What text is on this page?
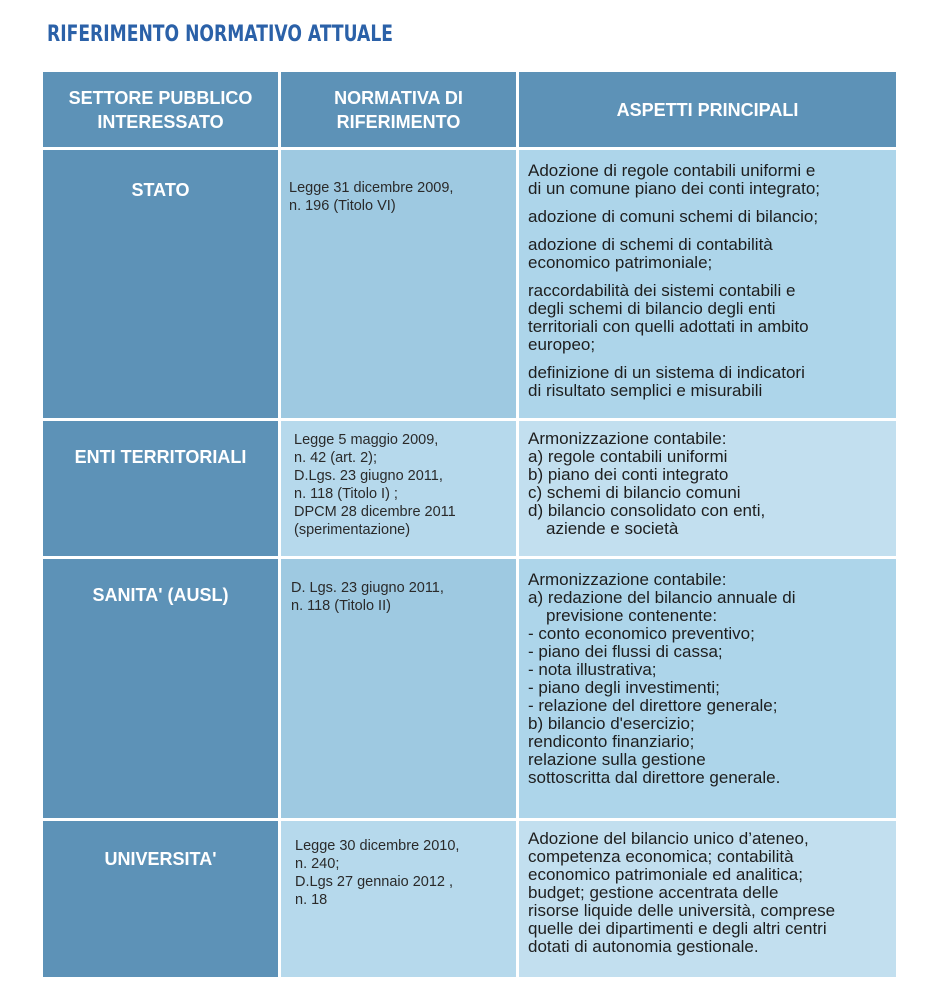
RIFERIMENTO NORMATIVO ATTUALE
SETTORE PUBBLICO
INTERESSATO
NORMATIVA DI
RIFERIMENTO
ASPETTI PRINCIPALI
STATO	Legge 31 dicembre 2009,
n. 196 (Titolo VI)
Adozione di regole contabili uniformi e
di un comune piano dei conti integrato;
adozione di comuni schemi di bilancio;
adozione di schemi di contabilità
economico patrimoniale;
raccordabilità dei sistemi contabili e
degli schemi di bilancio degli enti
territoriali con quelli adottati in ambito
europeo;
definizione di un sistema di indicatori
di risultato semplici e misurabili
ENTI TERRITORIALI
Legge 5 maggio 2009,
n. 42 (art. 2);
D.Lgs. 23 giugno 2011,
n. 118 (Titolo I) ;
DPCM 28 dicembre 2011
(sperimentazione)
Armonizzazione contabile:
a) regole contabili uniformi
b) piano dei conti integrato
c) schemi di bilancio comuni
d) bilancio consolidato con enti,
aziende e società
SANITA' (AUSL)	D. Lgs. 23 giugno 2011,
n. 118 (Titolo II)
Armonizzazione contabile:
a) redazione del bilancio annuale di
previsione contenente:
- conto economico preventivo;
- piano dei flussi di cassa;
- nota illustrativa;
- piano degli investimenti;
- relazione del direttore generale;
b) bilancio d'esercizio;
rendiconto finanziario;
relazione sulla gestione
sottoscritta dal direttore generale.
UNIVERSITA'
Legge 30 dicembre 2010,
n. 240;
D.Lgs 27 gennaio 2012 ,
n. 18
Adozione del bilancio unico d’ateneo,
competenza economica; contabilità
economico patrimoniale ed analitica;
budget; gestione accentrata delle
risorse liquide delle università, comprese
quelle dei dipartimenti e degli altri centri
dotati di autonomia gestionale.
